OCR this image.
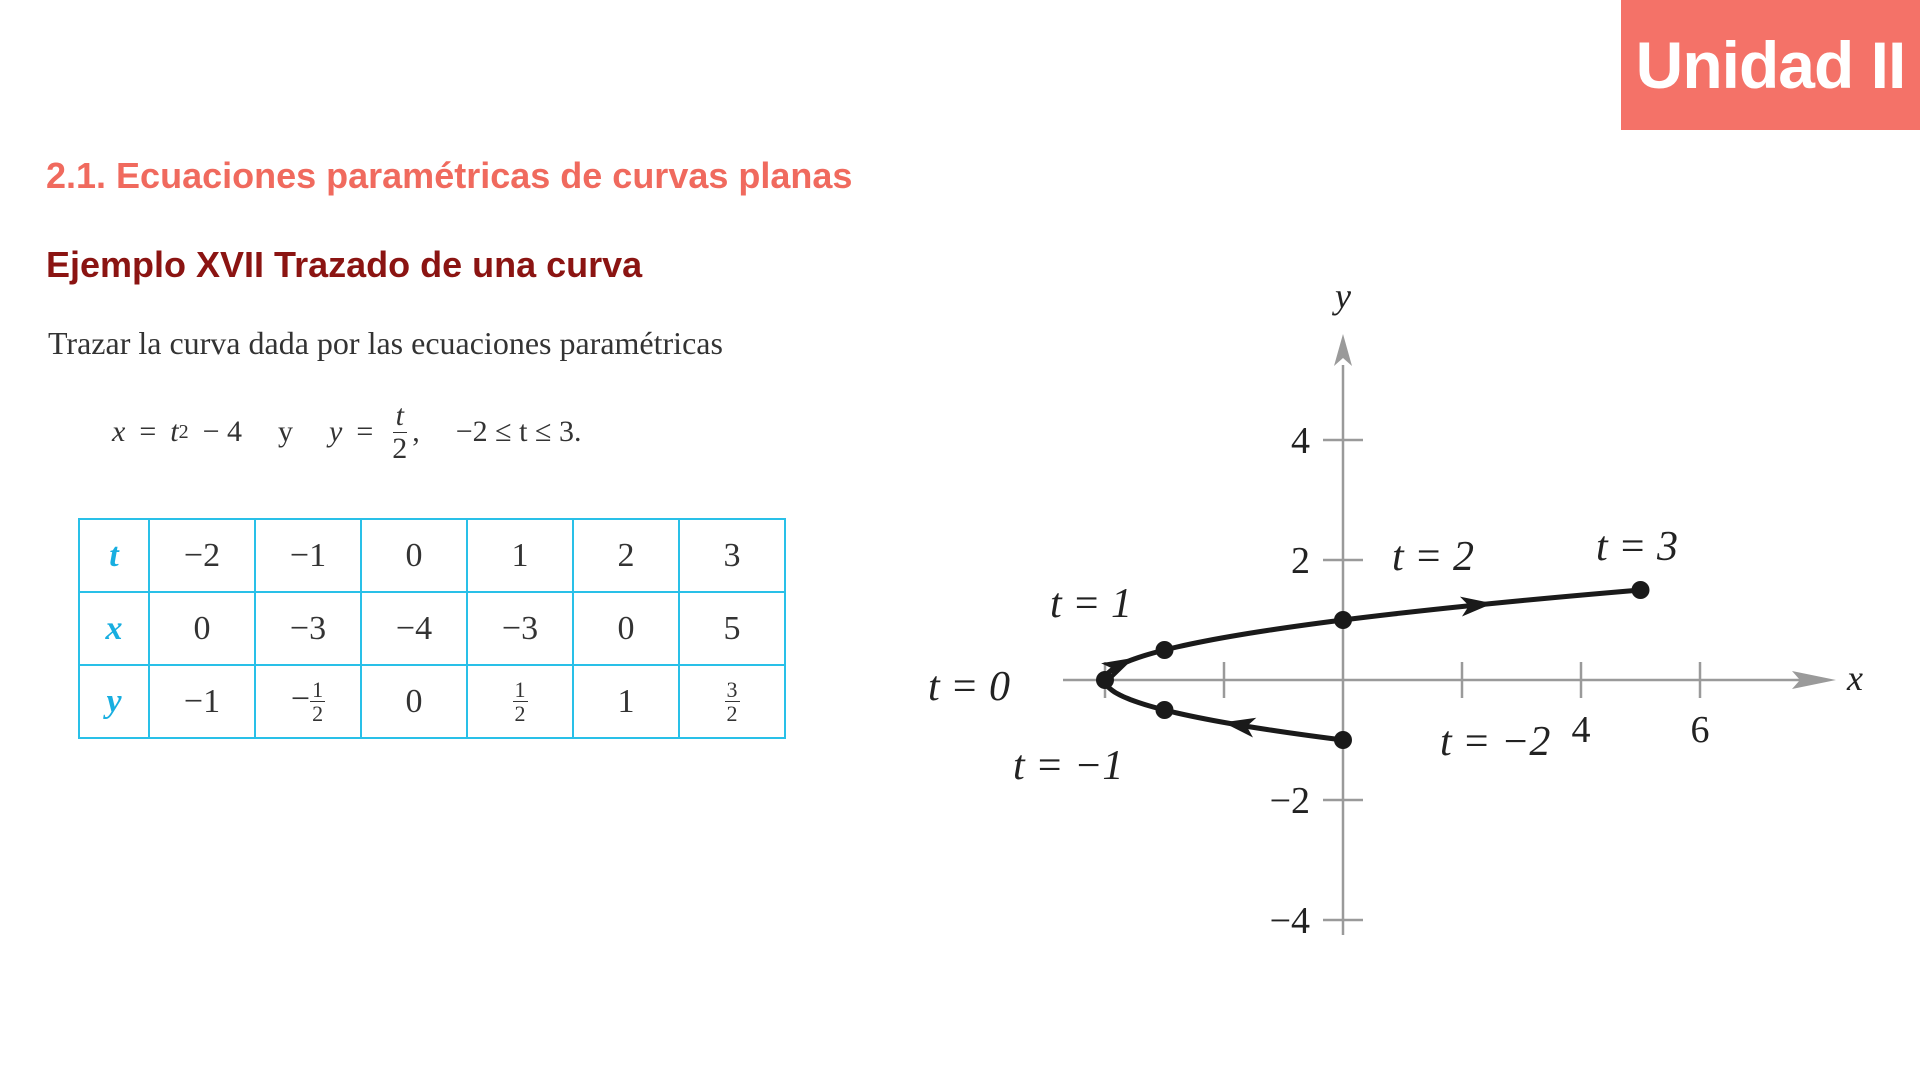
Unidad II
2.1. Ecuaciones paramétricas de curvas planas
Ejemplo XVII Trazado de una curva
Trazar la curva dada por las ecuaciones paramétricas
x = t 2 − 4 y $y = \frac{t}{2}$ , −2 ≤ t ≤ 3.
t	−2	−1	0	1	2	3
x	0	−3	−4	−3	0	5
y	−1	− $\frac{1}{2}$	0	$\frac{1}{2}$	1	$\frac{3}{2}$	x
y
4	6
4
2
−2
−4
t = −2
t = −1
t = 0
t = 1
t = 2	t = 3
